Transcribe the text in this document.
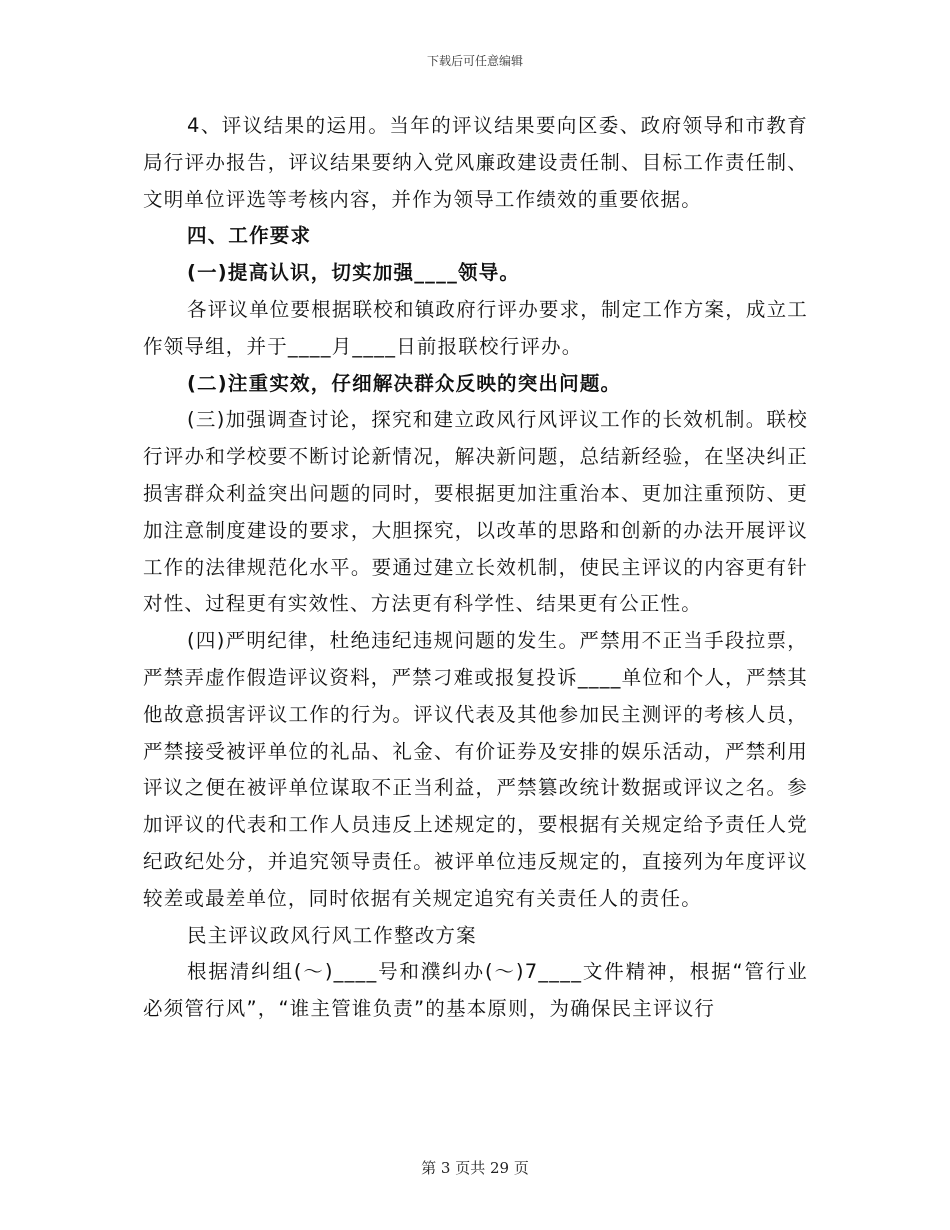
下载后可任意编辑

4、评议结果的运用。当年的评议结果要向区委、政府领导和市教育局行评办报告，评议结果要纳入党风廉政建设责任制、目标工作责任制、文明单位评选等考核内容，并作为领导工作绩效的重要依据。

四、工作要求

(一)提高认识，切实加强____领导。

各评议单位要根据联校和镇政府行评办要求，制定工作方案，成立工作领导组，并于____月____日前报联校行评办。

(二)注重实效，仔细解决群众反映的突出问题。

(三)加强调查讨论，探究和建立政风行风评议工作的长效机制。联校行评办和学校要不断讨论新情况，解决新问题，总结新经验，在坚决纠正损害群众利益突出问题的同时，要根据更加注重治本、更加注重预防、更加注意制度建设的要求，大胆探究，以改革的思路和创新的办法开展评议工作的法律规范化水平。要通过建立长效机制，使民主评议的内容更有针对性、过程更有实效性、方法更有科学性、结果更有公正性。

(四)严明纪律，杜绝违纪违规问题的发生。严禁用不正当手段拉票，严禁弄虚作假造评议资料，严禁刁难或报复投诉____单位和个人，严禁其他故意损害评议工作的行为。评议代表及其他参加民主测评的考核人员，严禁接受被评单位的礼品、礼金、有价证券及安排的娱乐活动，严禁利用评议之便在被评单位谋取不正当利益，严禁篡改统计数据或评议之名。参加评议的代表和工作人员违反上述规定的，要根据有关规定给予责任人党纪政纪处分，并追究领导责任。被评单位违反规定的，直接列为年度评议较差或最差单位，同时依据有关规定追究有关责任人的责任。

民主评议政风行风工作整改方案

根据清纠组(～)____号和濮纠办(～)7____文件精神，根据“管行业必须管行风”，“谁主管谁负责”的基本原则，为确保民主评议行

第 3 页共 29 页
